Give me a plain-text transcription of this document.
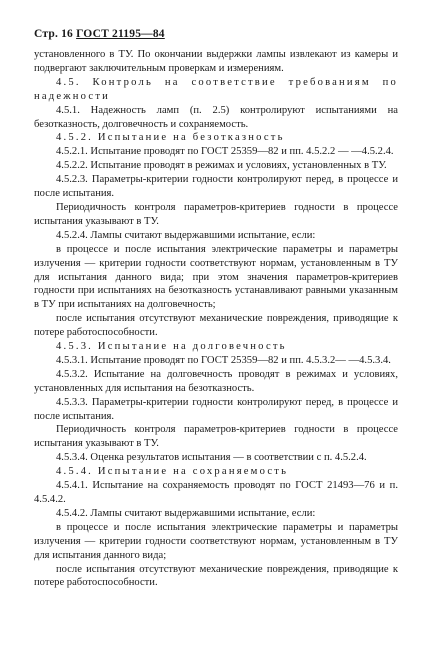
Стр. 16 ГОСТ 21195—84

установленного в ТУ. По окончании выдержки лампы извлекают из камеры и подвергают заключительным проверкам и измерениям.

4.5. Контроль на соответствие требованиям по надежности

4.5.1. Надежность ламп (п. 2.5) контролируют испытаниями на безотказность, долговечность и сохраняемость.

4.5.2. Испытание на безотказность

4.5.2.1. Испытание проводят по ГОСТ 25359—82 и пп. 4.5.2.2 — —4.5.2.4.

4.5.2.2. Испытание проводят в режимах и условиях, установленных в ТУ.

4.5.2.3. Параметры-критерии годности контролируют перед, в процессе и после испытания.

Периодичность контроля параметров-критериев годности в процессе испытания указывают в ТУ.

4.5.2.4. Лампы считают выдержавшими испытание, если:

в процессе и после испытания электрические параметры и параметры излучения — критерии годности соответствуют нормам, установленным в ТУ для испытания данного вида; при этом значения параметров-критериев годности при испытаниях на безотказность устанавливают равными указанным в ТУ при испытаниях на долговечность;

после испытания отсутствуют механические повреждения, приводящие к потере работоспособности.

4.5.3. Испытание на долговечность

4.5.3.1. Испытание проводят по ГОСТ 25359—82 и пп. 4.5.3.2— —4.5.3.4.

4.5.3.2. Испытание на долговечность проводят в режимах и условиях, установленных для испытания на безотказность.

4.5.3.3. Параметры-критерии годности контролируют перед, в процессе и после испытания.

Периодичность контроля параметров-критериев годности в процессе испытания указывают в ТУ.

4.5.3.4. Оценка результатов испытания — в соответствии с п. 4.5.2.4.

4.5.4. Испытание на сохраняемость

4.5.4.1. Испытание на сохраняемость проводят по ГОСТ 21493—76 и п. 4.5.4.2.

4.5.4.2. Лампы считают выдержавшими испытание, если:

в процессе и после испытания электрические параметры и параметры излучения — критерии годности соответствуют нормам, установленным в ТУ для испытания данного вида;

после испытания отсутствуют механические повреждения, приводящие к потере работоспособности.
